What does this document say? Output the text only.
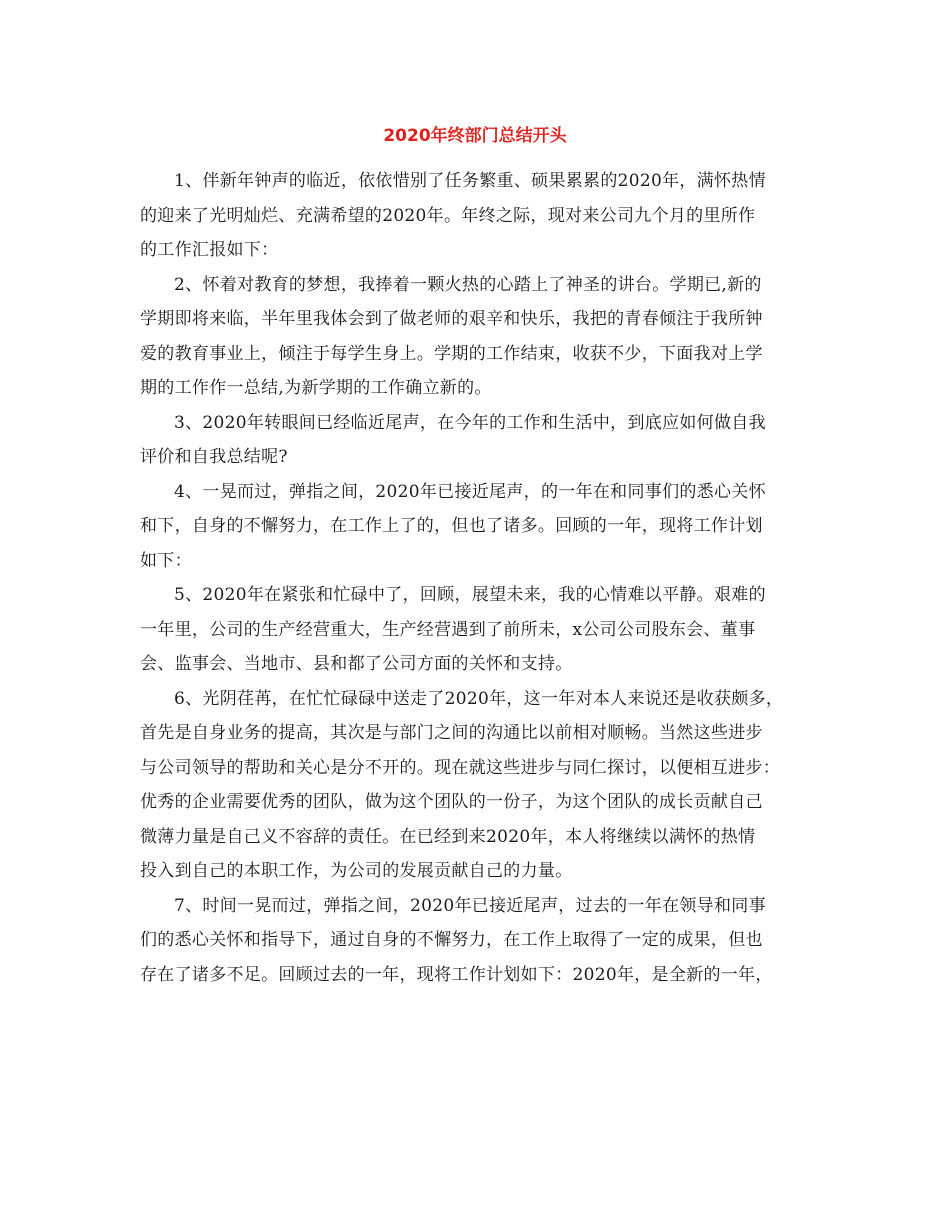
2020年终部门总结开头

1、伴新年钟声的临近，依依惜别了任务繁重、硕果累累的2020年，满怀热情
的迎来了光明灿烂、充满希望的2020年。年终之际，现对来公司九个月的里所作
的工作汇报如下：

2、怀着对教育的梦想，我捧着一颗火热的心踏上了神圣的讲台。学期已,新的
学期即将来临，半年里我体会到了做老师的艰辛和快乐，我把的青春倾注于我所钟
爱的教育事业上，倾注于每学生身上。学期的工作结束，收获不少，下面我对上学
期的工作作一总结,为新学期的工作确立新的。

3、2020年转眼间已经临近尾声，在今年的工作和生活中，到底应如何做自我
评价和自我总结呢?

4、一晃而过，弹指之间，2020年已接近尾声，的一年在和同事们的悉心关怀
和下，自身的不懈努力，在工作上了的，但也了诸多。回顾的一年，现将工作计划
如下：

5、2020年在紧张和忙碌中了，回顾，展望未来，我的心情难以平静。艰难的
一年里，公司的生产经营重大，生产经营遇到了前所未，x公司公司股东会、董事
会、监事会、当地市、县和都了公司方面的关怀和支持。

6、光阴荏苒，在忙忙碌碌中送走了2020年，这一年对本人来说还是收获颇多，
首先是自身业务的提高，其次是与部门之间的沟通比以前相对顺畅。当然这些进步
与公司领导的帮助和关心是分不开的。现在就这些进步与同仁探讨，以便相互进步：
优秀的企业需要优秀的团队，做为这个团队的一份子，为这个团队的成长贡献自己
微薄力量是自己义不容辞的责任。在已经到来2020年，本人将继续以满怀的热情
投入到自己的本职工作，为公司的发展贡献自己的力量。

7、时间一晃而过，弹指之间，2020年已接近尾声，过去的一年在领导和同事
们的悉心关怀和指导下，通过自身的不懈努力，在工作上取得了一定的成果，但也
存在了诸多不足。回顾过去的一年，现将工作计划如下：2020年，是全新的一年，
